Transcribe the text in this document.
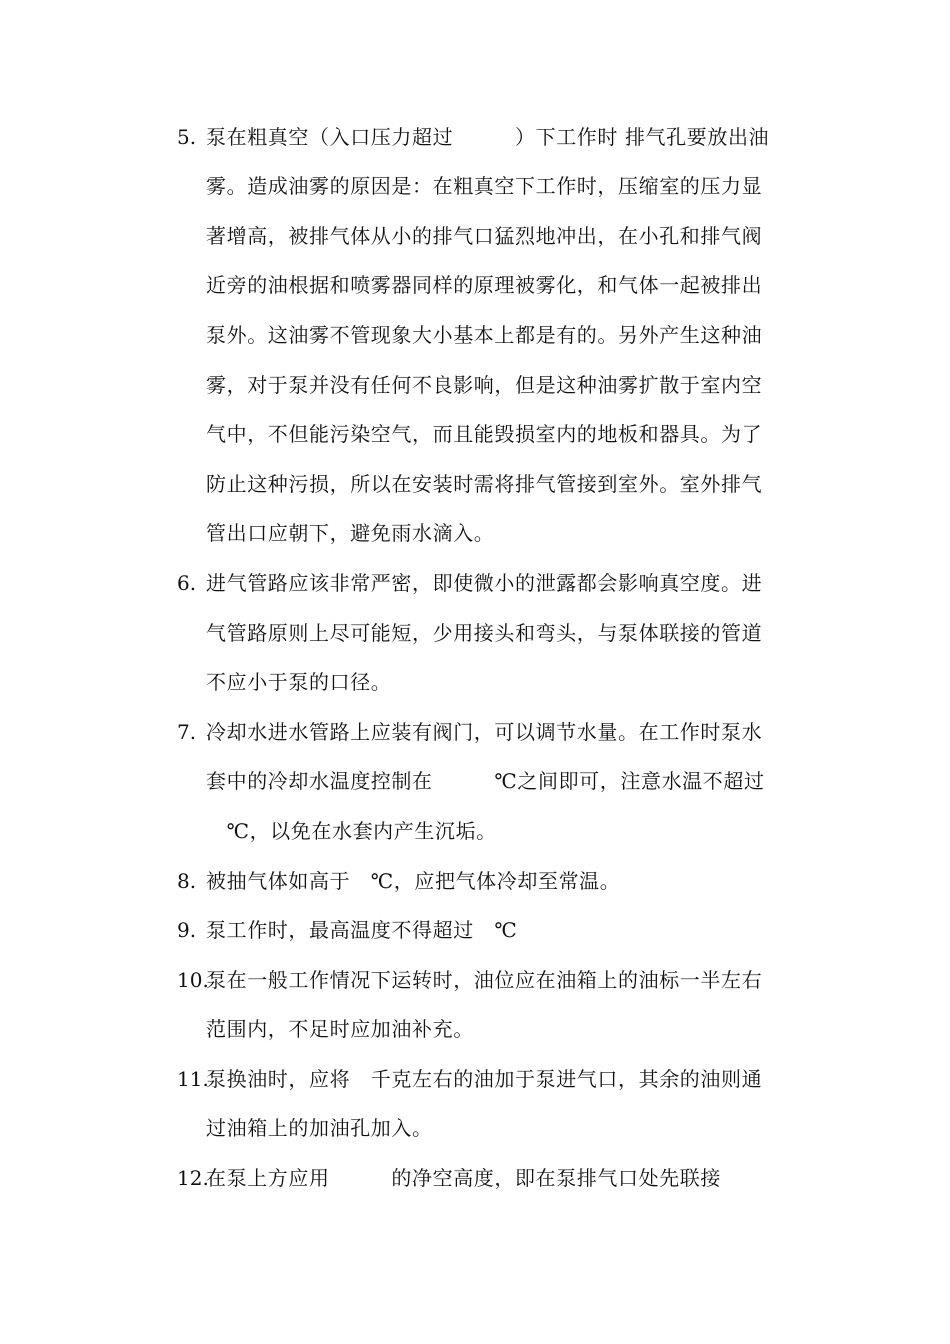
5. 泵在粗真空（入口压力超过　　　）下工作时 排气孔要放出油
雾。造成油雾的原因是：在粗真空下工作时，压缩室的压力显
著增高，被排气体从小的排气口猛烈地冲出，在小孔和排气阀
近旁的油根据和喷雾器同样的原理被雾化，和气体一起被排出
泵外。这油雾不管现象大小基本上都是有的。另外产生这种油
雾，对于泵并没有任何不良影响，但是这种油雾扩散于室内空
气中，不但能污染空气，而且能毁损室内的地板和器具。为了
防止这种污损，所以在安装时需将排气管接到室外。室外排气
管出口应朝下，避免雨水滴入。
6. 进气管路应该非常严密，即使微小的泄露都会影响真空度。进
气管路原则上尽可能短，少用接头和弯头，与泵体联接的管道
不应小于泵的口径。
7. 冷却水进水管路上应装有阀门，可以调节水量。在工作时泵水
套中的冷却水温度控制在　　　℃之间即可，注意水温不超过
　℃，以免在水套内产生沉垢。
8. 被抽气体如高于　℃，应把气体冷却至常温。
9. 泵工作时，最高温度不得超过　℃
10.
泵在一般工作情况下运转时，油位应在油箱上的油标一半左右
范围内，不足时应加油补充。
11.
泵换油时，应将　千克左右的油加于泵进气口，其余的油则通
过油箱上的加油孔加入。
12.
在泵上方应用　　　的净空高度，即在泵排气口处先联接
